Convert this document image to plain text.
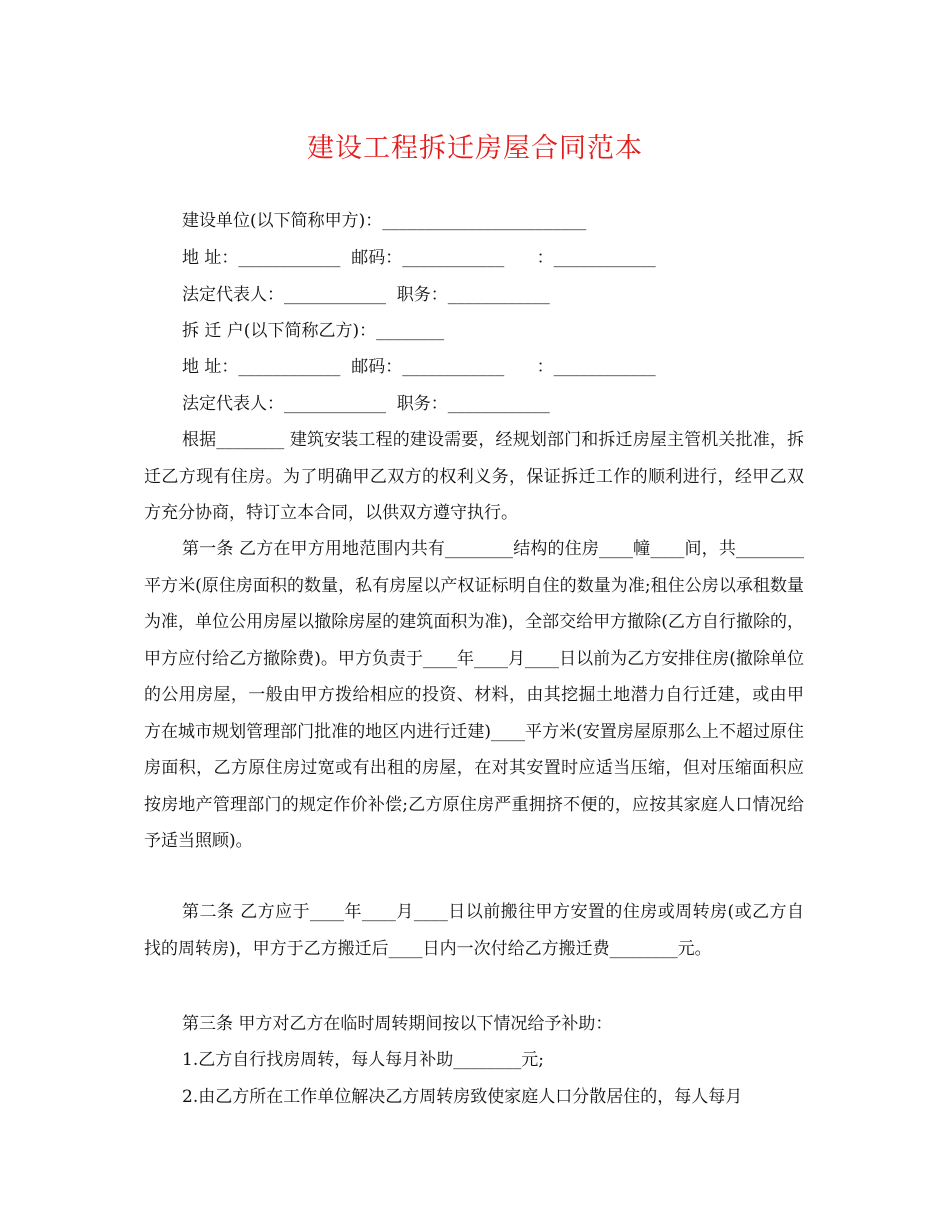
建设工程拆迁房屋合同范本
建设单位(以下简称甲方)：________________________
地 址：____________  邮码：____________      ：____________
法定代表人：____________  职务：____________
拆 迁 户(以下简称乙方)：________
地 址：____________  邮码：____________      ：____________
法定代表人：____________  职务：____________

根据________ 建筑安装工程的建设需要，经规划部门和拆迁房屋主管机关批准，拆迁乙方现有住房。为了明确甲乙双方的权利义务，保证拆迁工作的顺利进行，经甲乙双方充分协商，特订立本合同，以供双方遵守执行。

第一条 乙方在甲方用地范围内共有________结构的住房____幢____间，共________平方米(原住房面积的数量，私有房屋以产权证标明自住的数量为准;租住公房以承租数量为准，单位公用房屋以撤除房屋的建筑面积为准)，全部交给甲方撤除(乙方自行撤除的，甲方应付给乙方撤除费)。甲方负责于____年____月____日以前为乙方安排住房(撤除单位的公用房屋，一般由甲方拨给相应的投资、材料，由其挖掘土地潜力自行迁建，或由甲方在城市规划管理部门批准的地区内进行迁建)____平方米(安置房屋原那么上不超过原住房面积，乙方原住房过宽或有出租的房屋，在对其安置时应适当压缩，但对压缩面积应按房地产管理部门的规定作价补偿;乙方原住房严重拥挤不便的，应按其家庭人口情况给予适当照顾)。

第二条 乙方应于____年____月____日以前搬往甲方安置的住房或周转房(或乙方自找的周转房)，甲方于乙方搬迁后____日内一次付给乙方搬迁费________元。

第三条 甲方对乙方在临时周转期间按以下情况给予补助：
1.乙方自行找房周转，每人每月补助________元;
2.由乙方所在工作单位解决乙方周转房致使家庭人口分散居住的，每人每月
